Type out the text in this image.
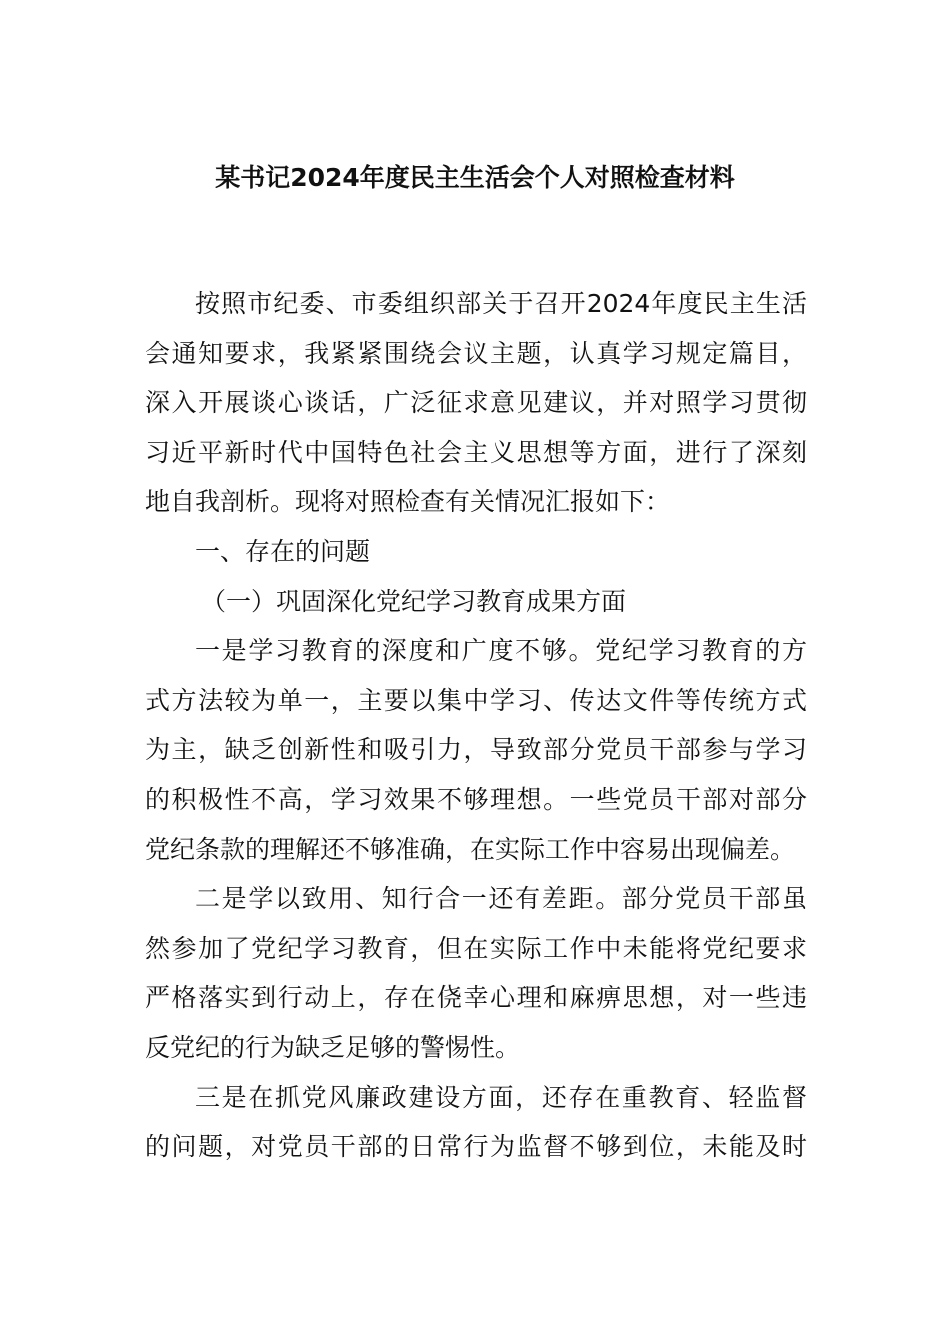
某书记2024年度民主生活会个人对照检查材料
按照市纪委、市委组织部关于召开2024年度民主生活
会通知要求，我紧紧围绕会议主题，认真学习规定篇目，
深入开展谈心谈话，广泛征求意见建议，并对照学习贯彻
习近平新时代中国特色社会主义思想等方面，进行了深刻
地自我剖析。现将对照检查有关情况汇报如下：
一、存在的问题
（一）巩固深化党纪学习教育成果方面
一是学习教育的深度和广度不够。党纪学习教育的方
式方法较为单一，主要以集中学习、传达文件等传统方式
为主，缺乏创新性和吸引力，导致部分党员干部参与学习
的积极性不高，学习效果不够理想。一些党员干部对部分
党纪条款的理解还不够准确，在实际工作中容易出现偏差。
二是学以致用、知行合一还有差距。部分党员干部虽
然参加了党纪学习教育，但在实际工作中未能将党纪要求
严格落实到行动上，存在侥幸心理和麻痹思想，对一些违
反党纪的行为缺乏足够的警惕性。
三是在抓党风廉政建设方面，还存在重教育、轻监督
的问题，对党员干部的日常行为监督不够到位，未能及时
